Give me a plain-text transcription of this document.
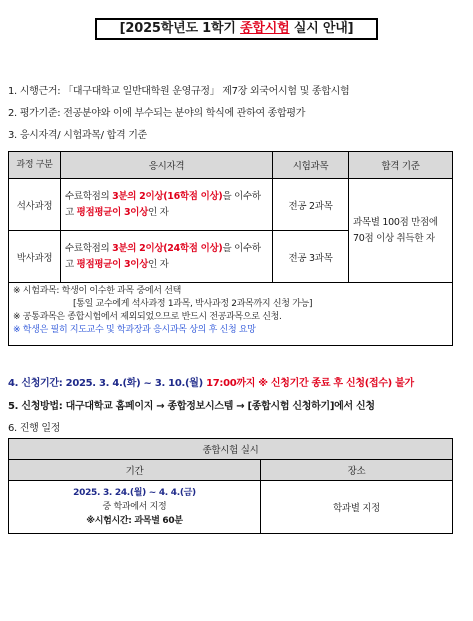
[2025학년도 1학기 종합시험 실시 안내]
1. 시행근거: 「대구대학교 일반대학원 운영규정」 제7장 외국어시험 및 종합시험
2. 평가기준: 전공분야와 이에 부수되는 분야의 학식에 관하여 종합평가
3. 응시자격/ 시험과목/ 합격 기준
과정 구분	응시자격	시험과목	합격 기준
석사과정	수료학점의 3분의 2이상(16학점 이상)을 이수하고 평점평균이 3이상인 자	전공 2과목	과목별 100점 만점에 70점 이상 취득한 자
박사과정	수료학점의 3분의 2이상(24학점 이상)을 이수하고 평점평균이 3이상인 자	전공 3과목	

※ 시험과목: 학생이 이수한 과목 중에서 선택
[통일 교수에게 석사과정 1과목, 박사과정 2과목까지 신청 가능]
※ 공통과목은 종합시험에서 제외되었으므로 반드시 전공과목으로 신청.
※ 학생은 필히 지도교수 및 학과장과 응시과목 상의 후 신청 요망			
4. 신청기간: 2025. 3. 4.(화) ~ 3. 10.(월) 17:00까지 ※ 신청기간 종료 후 신청(접수) 불가
5. 신청방법: 대구대학교 홈페이지 → 종합정보시스템 → [종합시험 신청하기]에서 신청
6. 진행 일정
종합시험 실시	
기간	장소

2025. 3. 24.(월) ~ 4. 4.(금)
중 학과에서 지정
※시험시간: 과목별 60분	학과별 지정
